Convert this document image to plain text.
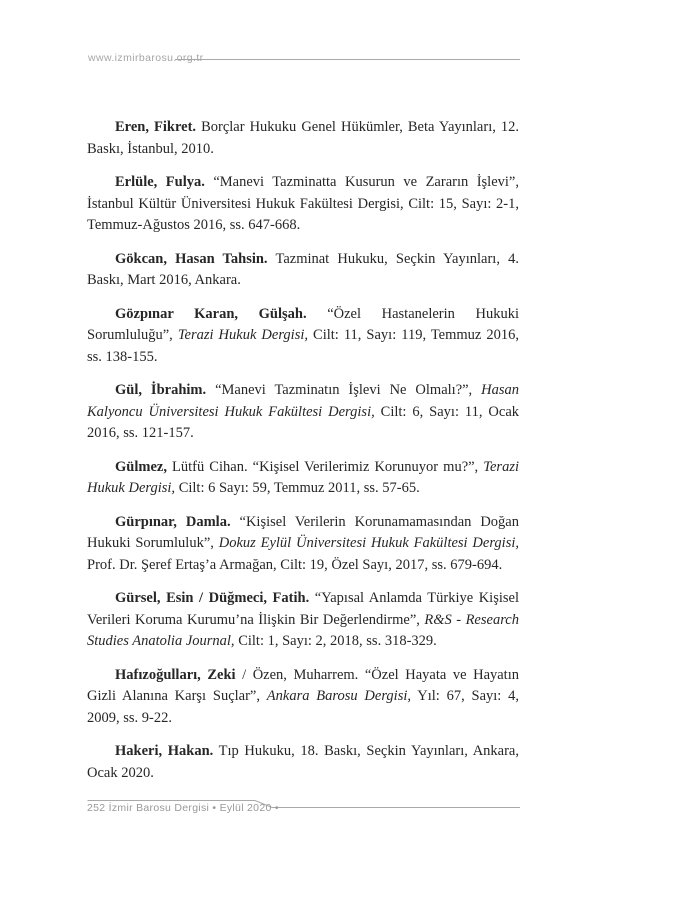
www.izmirbarosu.org.tr

Eren, Fikret. Borçlar Hukuku Genel Hükümler, Beta Yayınları, 12. Baskı, İstanbul, 2010.

Erlüle, Fulya. “Manevi Tazminatta Kusurun ve Zararın İşlevi”, İstanbul Kültür Üniversitesi Hukuk Fakültesi Dergisi, Cilt: 15, Sayı: 2-1, Temmuz-Ağustos 2016, ss. 647-668.

Gökcan, Hasan Tahsin. Tazminat Hukuku, Seçkin Yayınları, 4. Baskı, Mart 2016, Ankara.

Gözpınar Karan, Gülşah. “Özel Hastanelerin Hukuki Sorumluluğu”, Terazi Hukuk Dergisi, Cilt: 11, Sayı: 119, Temmuz 2016, ss. 138-155.

Gül, İbrahim. “Manevi Tazminatın İşlevi Ne Olmalı?”, Hasan Kalyoncu Üniversitesi Hukuk Fakültesi Dergisi, Cilt: 6, Sayı: 11, Ocak 2016, ss. 121-157.

Gülmez, Lütfü Cihan. “Kişisel Verilerimiz Korunuyor mu?”, Terazi Hukuk Dergisi, Cilt: 6 Sayı: 59, Temmuz 2011, ss. 57-65.

Gürpınar, Damla. “Kişisel Verilerin Korunamamasından Doğan Hukuki Sorumluluk”, Dokuz Eylül Üniversitesi Hukuk Fakültesi Dergisi, Prof. Dr. Şeref Ertaş’a Armağan, Cilt: 19, Özel Sayı, 2017, ss. 679-694.

Gürsel, Esin / Düğmeci, Fatih. “Yapısal Anlamda Türkiye Kişisel Verileri Koruma Kurumu’na İlişkin Bir Değerlendirme”, R&S - Research Studies Anatolia Journal, Cilt: 1, Sayı: 2, 2018, ss. 318-329.

Hafızoğulları, Zeki / Özen, Muharrem. “Özel Hayata ve Hayatın Gizli Alanına Karşı Suçlar”, Ankara Barosu Dergisi, Yıl: 67, Sayı: 4, 2009, ss. 9-22.

Hakeri, Hakan. Tıp Hukuku, 18. Baskı, Seçkin Yayınları, Ankara, Ocak 2020.

252 İzmir Barosu Dergisi • Eylül 2020 •
